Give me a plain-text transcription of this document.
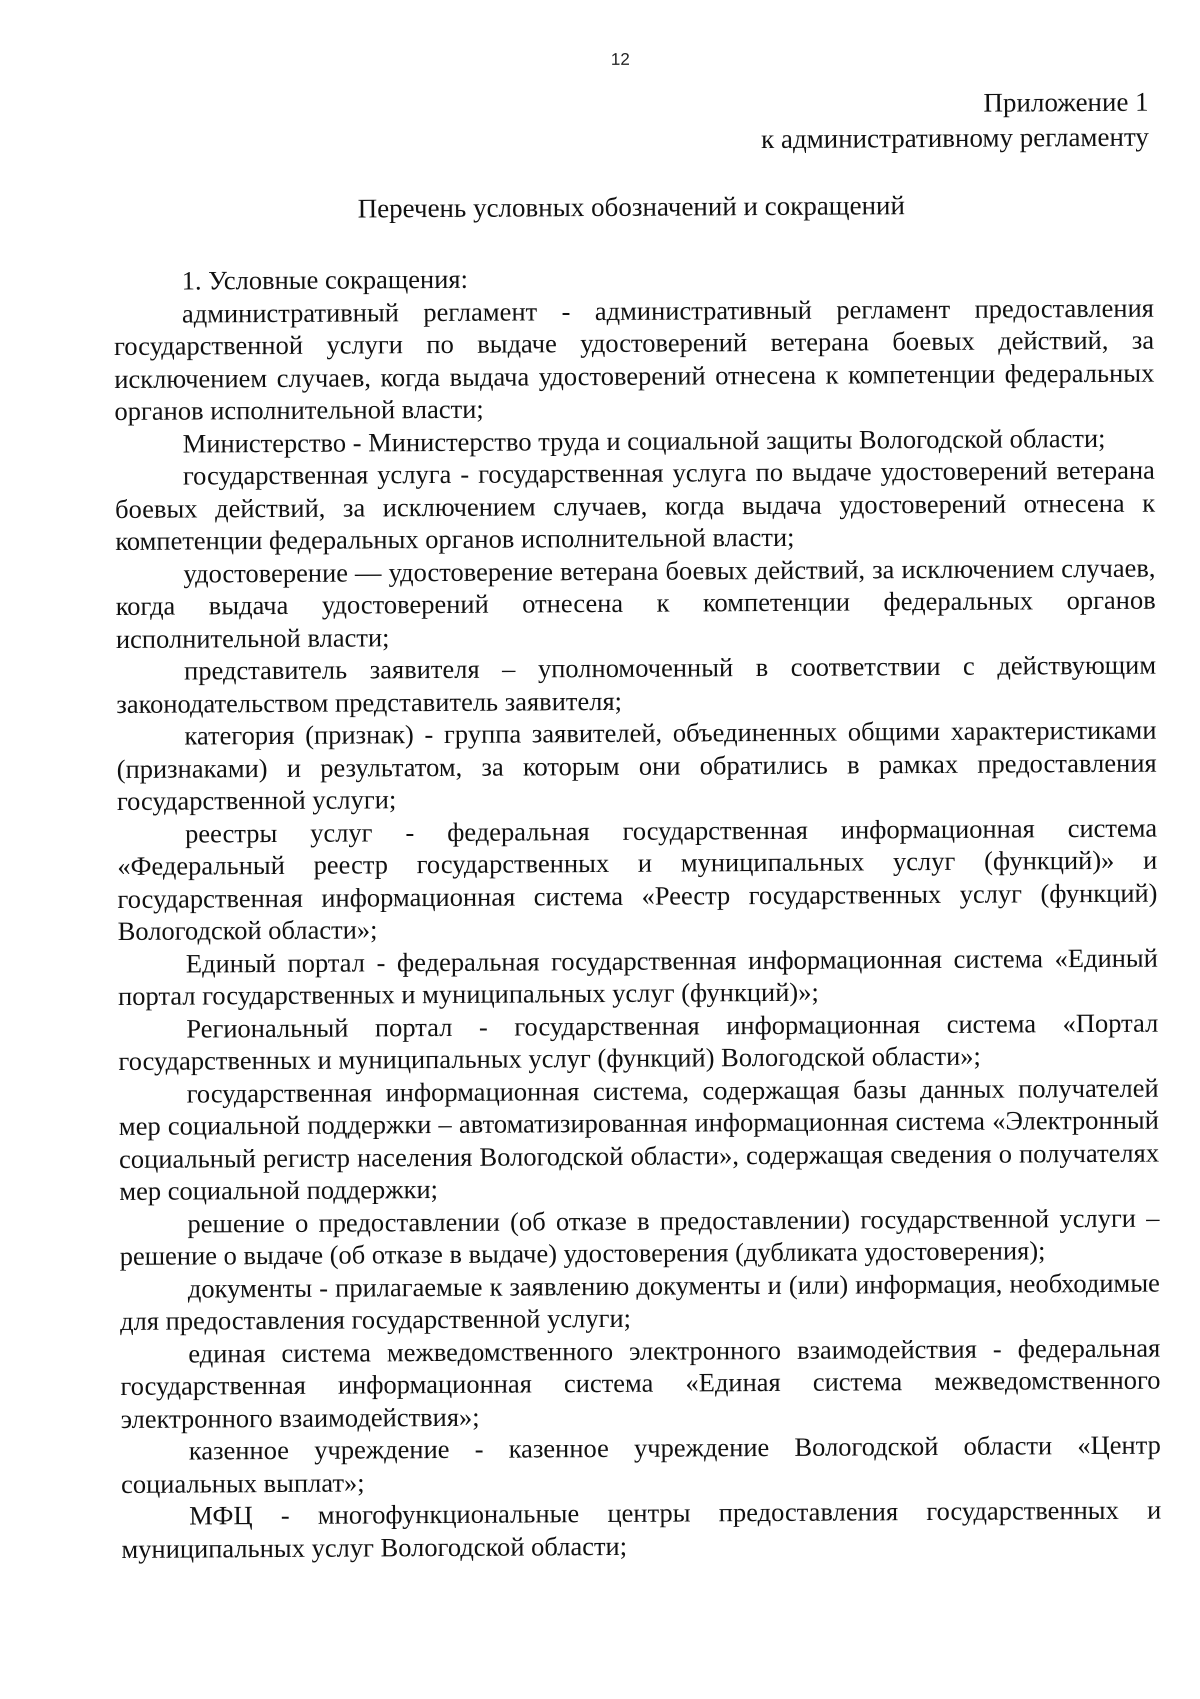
12
Приложение 1
к административному регламенту
Перечень условных обозначений и сокращений

1. Условные сокращения:

административный регламент - административный регламент предоставления государственной услуги по выдаче удостоверений ветерана боевых действий, за исключением случаев, когда выдача удостоверений отнесена к компетенции федеральных органов исполнительной власти;

Министерство - Министерство труда и социальной защиты Вологодской области;

государственная услуга - государственная услуга по выдаче удостоверений ветерана боевых действий, за исключением случаев, когда выдача удостоверений отнесена к компетенции федеральных органов исполнительной власти;

удостоверение — удостоверение ветерана боевых действий, за исключением случаев, когда выдача удостоверений отнесена к компетенции федеральных органов исполнительной власти;

представитель заявителя – уполномоченный в соответствии с действующим законодательством представитель заявителя;

категория (признак) - группа заявителей, объединенных общими характеристиками (признаками) и результатом, за которым они обратились в рамках предоставления государственной услуги;

реестры услуг - федеральная государственная информационная система «Федеральный реестр государственных и муниципальных услуг (функций)» и государственная информационная система «Реестр государственных услуг (функций) Вологодской области»;

Единый портал - федеральная государственная информационная система «Единый портал государственных и муниципальных услуг (функций)»;

Региональный портал - государственная информационная система «Портал государственных и муниципальных услуг (функций) Вологодской области»;

государственная информационная система, содержащая базы данных получателей мер социальной поддержки – автоматизированная информационная система «Электронный социальный регистр населения Вологодской области», содержащая сведения о получателях мер социальной поддержки;

решение о предоставлении (об отказе в предоставлении) государственной услуги – решение о выдаче (об отказе в выдаче) удостоверения (дубликата удостоверения);

документы - прилагаемые к заявлению документы и (или) информация, необходимые для предоставления государственной услуги;

единая система межведомственного электронного взаимодействия - федеральная государственная информационная система «Единая система межведомственного электронного взаимодействия»;

казенное учреждение - казенное учреждение Вологодской области «Центр социальных выплат»;

МФЦ - многофункциональные центры предоставления государственных и муниципальных услуг Вологодской области;
